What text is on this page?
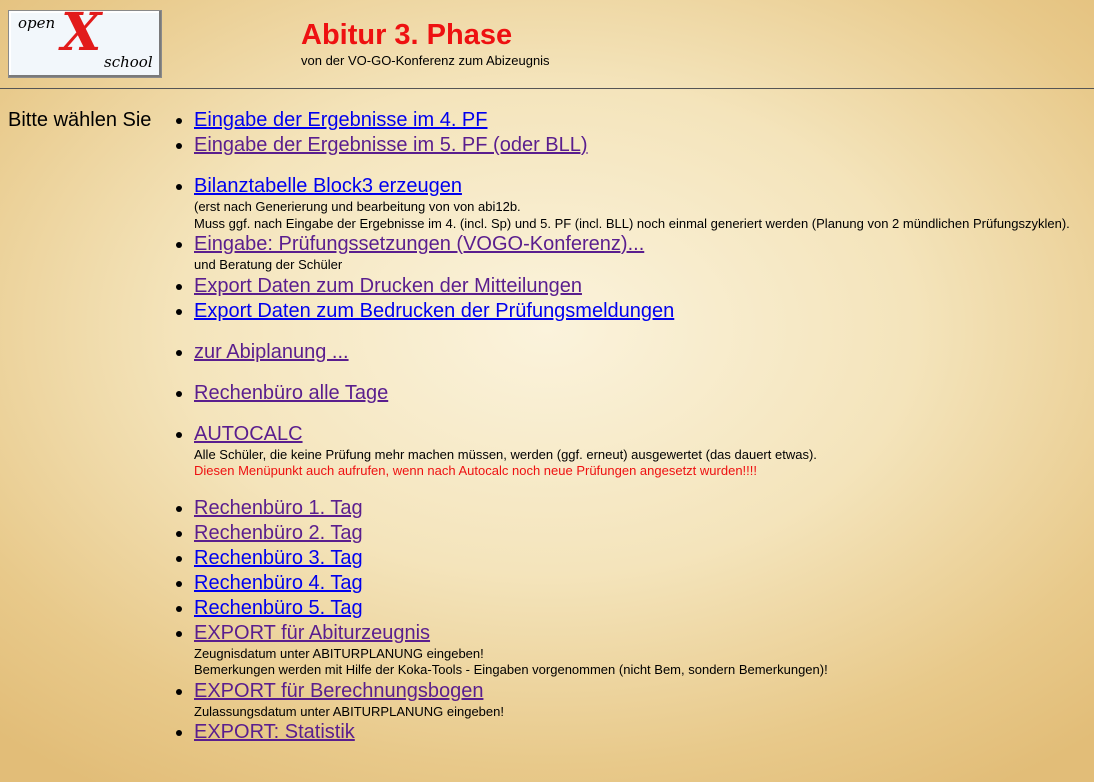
open X school
Abitur 3. Phase
von der VO-GO-Konferenz zum Abizeugnis
Bitte wählen Sie
•	Eingabe der Ergebnisse im 4. PF
• Eingabe der Ergebnisse im 5. PF (oder BLL)
• Bilanztabelle Block3 erzeugen
(erst nach Generierung und bearbeitung von von abi12b.
Muss ggf. nach Eingabe der Ergebnisse im 4. (incl. Sp) und 5. PF (incl. BLL) noch einmal generiert werden (Planung von 2 mündlichen Prüfungszyklen).
• Eingabe: Prüfungssetzungen (VOGO-Konferenz)...
und Beratung der Schüler
• Export Daten zum Drucken der Mitteilungen
• Export Daten zum Bedrucken der Prüfungsmeldungen
• zur Abiplanung ...
• Rechenbüro alle Tage
• AUTOCALC
Alle Schüler, die keine Prüfung mehr machen müssen, werden (ggf. erneut) ausgewertet (das dauert etwas).
Diesen Menüpunkt auch aufrufen, wenn nach Autocalc noch neue Prüfungen angesetzt wurden!!!!
• Rechenbüro 1. Tag
• Rechenbüro 2. Tag
• Rechenbüro 3. Tag
• Rechenbüro 4. Tag
• Rechenbüro 5. Tag
• EXPORT für Abiturzeugnis
Zeugnisdatum unter ABITURPLANUNG eingeben!
Bemerkungen werden mit Hilfe der Koka-Tools - Eingaben vorgenommen (nicht Bem, sondern Bemerkungen)!
• EXPORT für Berechnungsbogen
Zulassungsdatum unter ABITURPLANUNG eingeben!
• EXPORT: Statistik
